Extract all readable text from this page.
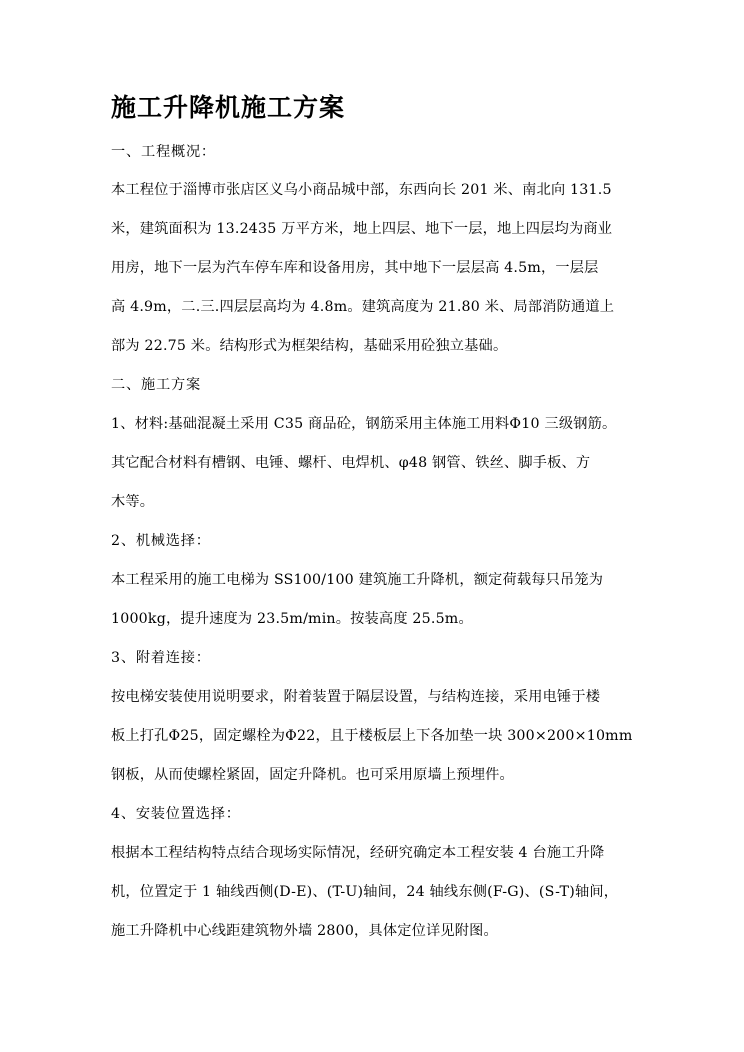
施工升降机施工方案
一、工程概况：
本工程位于淄博市张店区义乌小商品城中部，东西向长 201 米、南北向 131.5
米，建筑面积为 13.2435 万平方米，地上四层、地下一层，地上四层均为商业
用房，地下一层为汽车停车库和设备用房，其中地下一层层高 4.5m，一层层
高 4.9m，二.三.四层层高均为 4.8m。建筑高度为 21.80 米、局部消防通道上
部为 22.75 米。结构形式为框架结构，基础采用砼独立基础。
二、施工方案
1、材料:基础混凝土采用 C35 商品砼，钢筋采用主体施工用料Φ10 三级钢筋。
其它配合材料有槽钢、电锤、螺杆、电焊机、φ48 钢管、铁丝、脚手板、方
木等。
2、机械选择：
本工程采用的施工电梯为 SS100/100 建筑施工升降机，额定荷载每只吊笼为
1000kg，提升速度为 23.5m/min。按装高度 25.5m。
3、附着连接：
按电梯安装使用说明要求，附着装置于隔层设置，与结构连接，采用电锤于楼
板上打孔Φ25，固定螺栓为Φ22，且于楼板层上下各加垫一块 300×200×10mm
钢板，从而使螺栓紧固，固定升降机。也可采用原墙上预埋件。
4、安装位置选择：
根据本工程结构特点结合现场实际情况，经研究确定本工程安装 4 台施工升降
机，位置定于 1 轴线西侧(D-E)、(T-U)轴间，24 轴线东侧(F-G)、(S-T)轴间，
施工升降机中心线距建筑物外墙 2800，具体定位详见附图。
